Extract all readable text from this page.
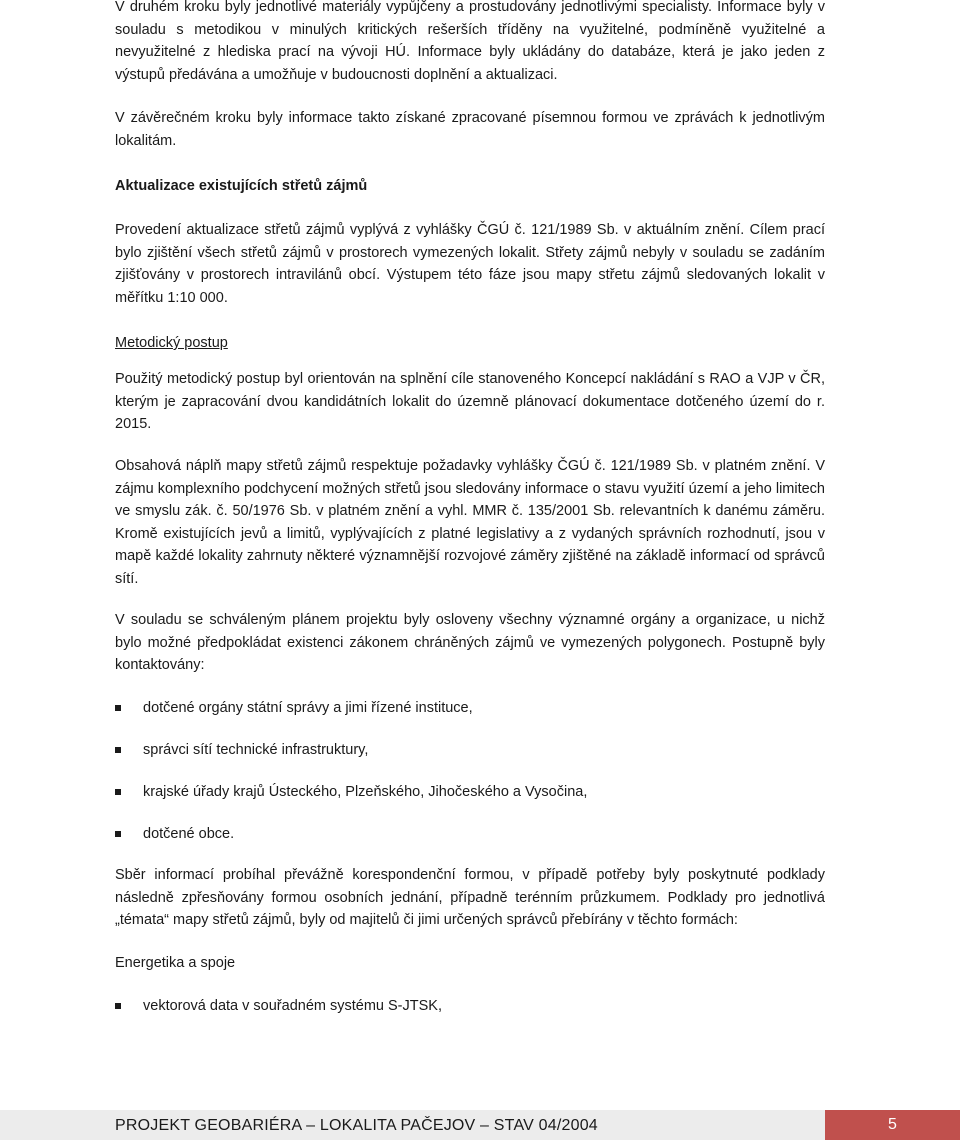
V druhém kroku byly jednotlivé materiály vypůjčeny a prostudovány jednotlivými specialisty. Informace byly v souladu s metodikou v minulých kritických rešerších tříděny na využitelné, podmíněně využitelné a nevyužitelné z hlediska prací na vývoji HÚ. Informace byly ukládány do databáze, která je jako jeden z výstupů předávána a umožňuje v budoucnosti doplnění a aktualizaci.

V závěrečném kroku byly informace takto získané zpracované písemnou formou ve zprávách k jednotlivým lokalitám.

Aktualizace existujících střetů zájmů

Provedení aktualizace střetů zájmů vyplývá z vyhlášky ČGÚ č. 121/1989 Sb. v aktuálním znění. Cílem prací bylo zjištění všech střetů zájmů v prostorech vymezených lokalit. Střety zájmů nebyly v souladu se zadáním zjišťovány v prostorech intravilánů obcí. Výstupem této fáze jsou mapy střetu zájmů sledovaných lokalit v měřítku 1:10 000.

Metodický postup

Použitý metodický postup byl orientován na splnění cíle stanoveného Koncepcí nakládání s RAO a VJP v ČR, kterým je zapracování dvou kandidátních lokalit do územně plánovací dokumentace dotčeného území do r. 2015.

Obsahová náplň mapy střetů zájmů respektuje požadavky vyhlášky ČGÚ č. 121/1989 Sb. v platném znění. V zájmu komplexního podchycení možných střetů jsou sledovány informace o stavu využití území a jeho limitech ve smyslu zák. č. 50/1976 Sb. v platném znění a vyhl. MMR č. 135/2001 Sb. relevantních k danému záměru. Kromě existujících jevů a limitů, vyplývajících z platné legislativy a z vydaných správních rozhodnutí, jsou v mapě každé lokality zahrnuty některé významnější rozvojové záměry zjištěné na základě informací od správců sítí.

V souladu se schváleným plánem projektu byly osloveny všechny významné orgány a organizace, u nichž bylo možné předpokládat existenci zákonem chráněných zájmů ve vymezených polygonech. Postupně byly kontaktovány:

dotčené orgány státní správy a jimi řízené instituce,
správci sítí technické infrastruktury,
krajské úřady krajů Ústeckého, Plzeňského, Jihočeského a Vysočina,
dotčené obce.

Sběr informací probíhal převážně korespondenční formou, v případě potřeby byly poskytnuté podklady následně zpřesňovány formou osobních jednání, případně terénním průzkumem. Podklady pro jednotlivá „témata“ mapy střetů zájmů, byly od majitelů či jimi určených správců přebírány v těchto formách:

Energetika a spoje

vektorová data v souřadném systému S-JTSK,
PROJEKT GEOBARIÉRA – LOKALITA PAČEJOV – STAV 04/2004	5
